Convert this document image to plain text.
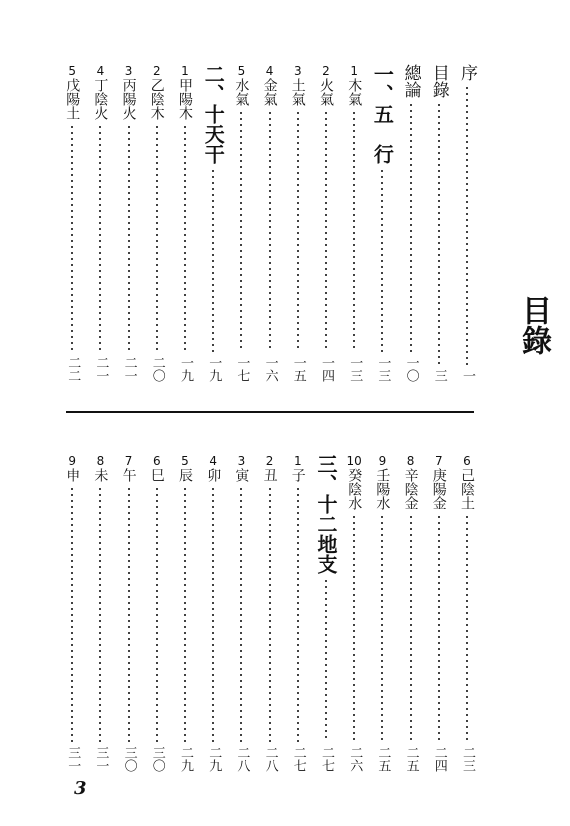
目錄
序
一
目錄
三
總論
一〇
一、五　行
一三
1
木氣
一三
2
火氣
一四
3
土氣
一五
4
金氣
一六
5
水氣
一七
二、十天干
一九
1
甲陽木
一九
2
乙陰木
二〇
3
丙陽火
二一
4
丁陰火
二一
5
戊陽土
二二
6
己陰土
二三
7
庚陽金
二四
8
辛陰金
二五
9
壬陽水
二五
10
癸陰水
二六
三、十二地支
二七
1
子
二七
2
丑
二八
3
寅
二八
4
卯
二九
5
辰
二九
6
巳
三〇
7
午
三〇
8
未
三一
9
申
三一
3
